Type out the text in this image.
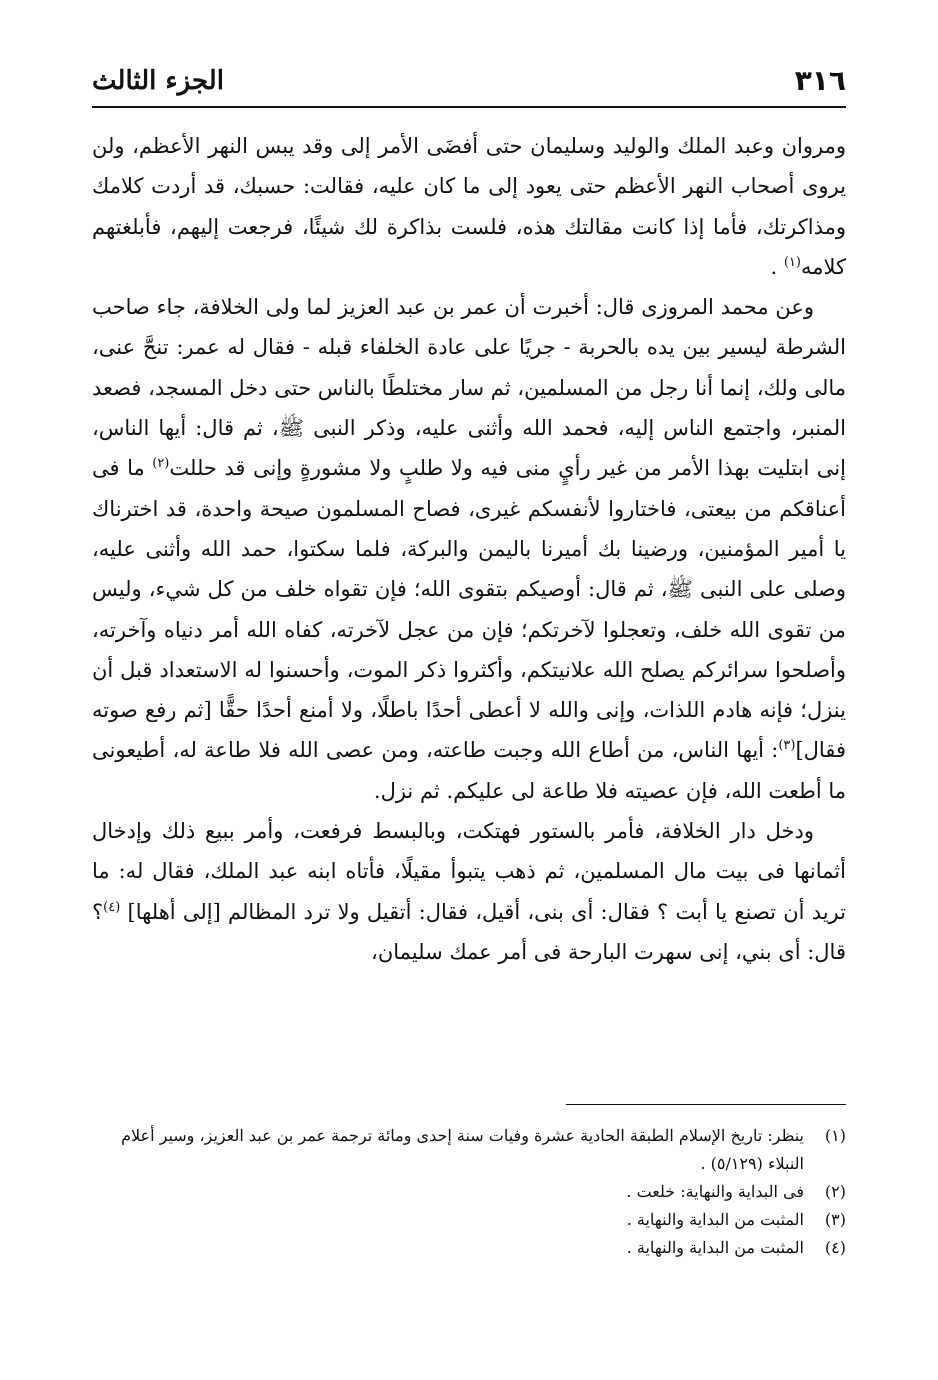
٣١٦
الجزء الثالث

ومروان وعبد الملك والوليد وسليمان حتى أفضَى الأمر إلى وقد يبس النهر الأعظم، ولن يروى أصحاب النهر الأعظم حتى يعود إلى ما كان عليه، فقالت: حسبك، قد أردت كلامك ومذاكرتك، فأما إذا كانت مقالتك هذه، فلست بذاكرة لك شيئًا، فرجعت إليهم، فأبلغتهم كلامه$^{(١)}$ .

وعن محمد المروزى قال: أخبرت أن عمر بن عبد العزيز لما ولى الخلافة، جاء صاحب الشرطة ليسير بين يده بالحربة - جريًا على عادة الخلفاء قبله - فقال له عمر: تنحَّ عنى، مالى ولك، إنما أنا رجل من المسلمين، ثم سار مختلطًا بالناس حتى دخل المسجد، فصعد المنبر، واجتمع الناس إليه، فحمد الله وأثنى عليه، وذكر النبى ﷺ، ثم قال: أيها الناس، إنى ابتليت بهذا الأمر من غير رأيٍ منى فيه ولا طلبٍ ولا مشورةٍ وإنى قد حللت$^{(٢)}$ ما فى أعناقكم من بيعتى، فاختاروا لأنفسكم غيرى، فصاح المسلمون صيحة واحدة، قد اخترناك يا أمير المؤمنين، ورضينا بك أميرنا باليمن والبركة، فلما سكتوا، حمد الله وأثنى عليه، وصلى على النبى ﷺ، ثم قال: أوصيكم بتقوى الله؛ فإن تقواه خلف من كل شيء، وليس من تقوى الله خلف، وتعجلوا لآخرتكم؛ فإن من عجل لآخرته، كفاه الله أمر دنياه وآخرته، وأصلحوا سرائركم يصلح الله علانيتكم، وأكثروا ذكر الموت، وأحسنوا له الاستعداد قبل أن ينزل؛ فإنه هادم اللذات، وإنى والله لا أعطى أحدًا باطلًا، ولا أمنع أحدًا حقًّا [ثم رفع صوته فقال]$^{(٣)}$: أيها الناس، من أطاع الله وجبت طاعته، ومن عصى الله فلا طاعة له، أطيعونى ما أطعت الله، فإن عصيته فلا طاعة لى عليكم. ثم نزل.

ودخل دار الخلافة، فأمر بالستور فهتكت، وبالبسط فرفعت، وأمر ببيع ذلك وإدخال أثمانها فى بيت مال المسلمين، ثم ذهب يتبوأ مقيلًا، فأتاه ابنه عبد الملك، فقال له: ما تريد أن تصنع يا أبت ؟ فقال: أى بنى، أقيل، فقال: أتقيل ولا ترد المظالم [إلى أهلها] $^{(٤)}$؟ قال: أى بني، إنى سهرت البارحة فى أمر عمك سليمان،

(١)
ينظر: تاريخ الإسلام الطبقة الحادية عشرة وفيات سنة إحدى ومائة ترجمة عمر بن عبد العزيز، وسير أعلام النبلاء (٥/١٢٩) .

(٢)
فى البداية والنهاية: خلعت .

(٣)
المثبت من البداية والنهاية .

(٤)
المثبت من البداية والنهاية .
